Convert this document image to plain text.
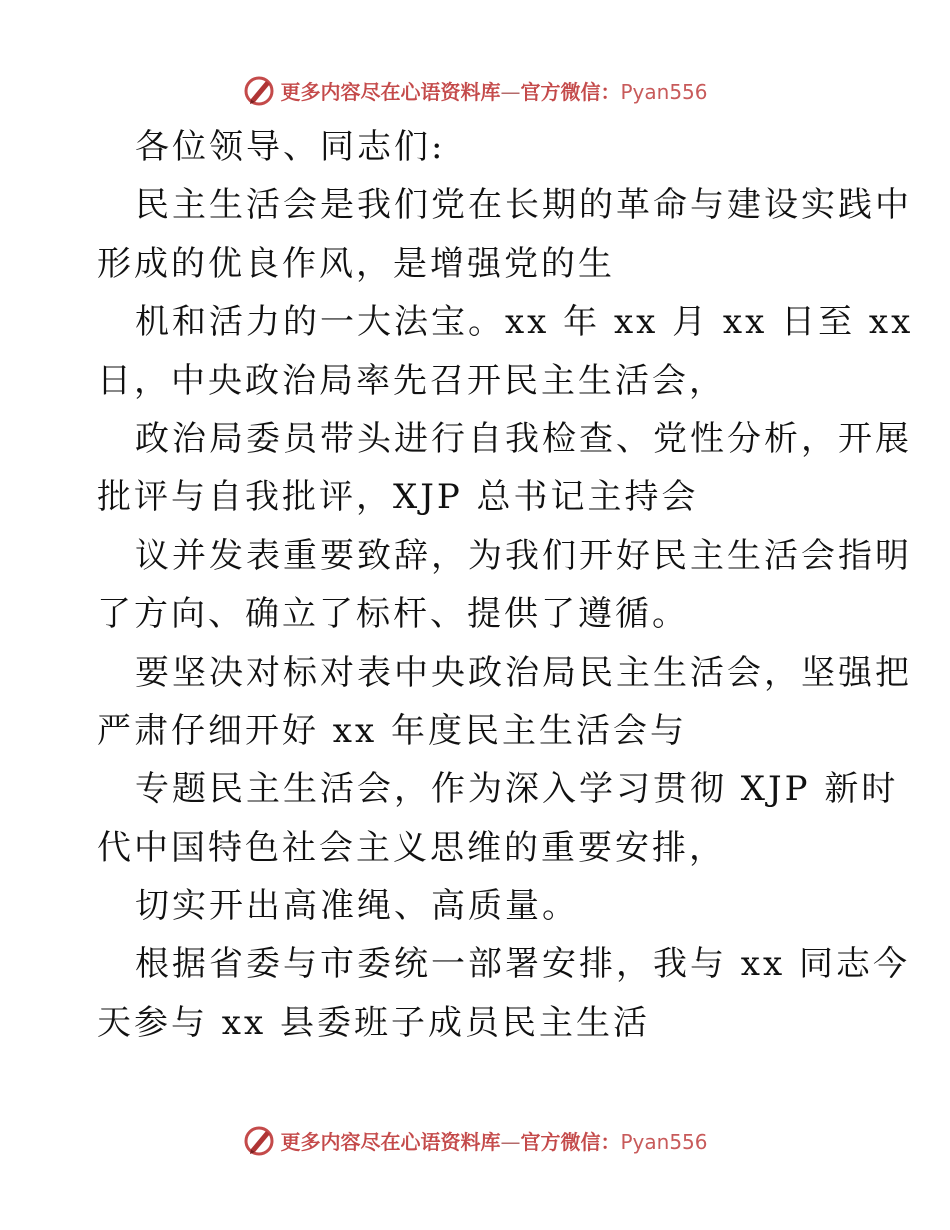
更多内容尽在心语资料库—官方微信：Pyan556

各位领导、同志们:

民主生活会是我们党在长期的革命与建设实践中

形成的优良作风，是增强党的生

机和活力的一大法宝。xx 年 xx 月 xx 日至 xx

日，中央政治局率先召开民主生活会，

政治局委员带头进行自我检查、党性分析，开展

批评与自我批评，XJP 总书记主持会

议并发表重要致辞，为我们开好民主生活会指明

了方向、确立了标杆、提供了遵循。

要坚决对标对表中央政治局民主生活会，坚强把

严肃仔细开好 xx 年度民主生活会与

专题民主生活会，作为深入学习贯彻 XJP 新时

代中国特色社会主义思维的重要安排，

切实开出高准绳、高质量。

根据省委与市委统一部署安排，我与 xx 同志今

天参与 xx 县委班子成员民主生活

更多内容尽在心语资料库—官方微信：Pyan556
